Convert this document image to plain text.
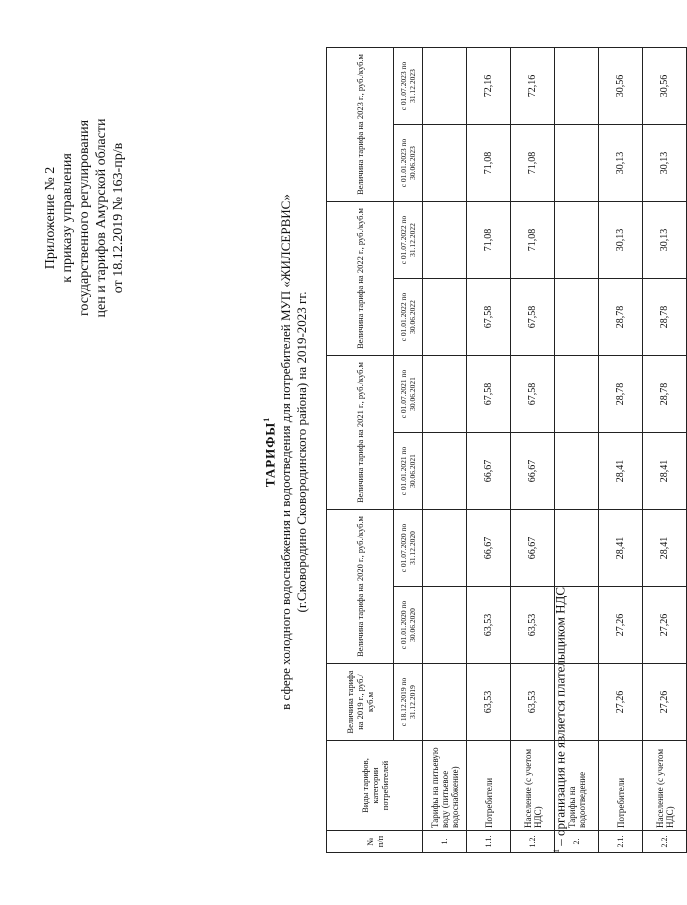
Приложение № 2 к приказу управления государственного регулирования цен и тарифов Амурской области от 18.12.2019 № 163-пр/в
ТАРИФЫ$^1$ в сфере холодного водоснабжения и водоотведения для потребителей МУП «ЖИЛСЕРВИС» (г.Сковородино Сковородинского района) на 2019-2023 гг.
№ п/п	Виды тарифов, категории потребителей	Величина тарифа на 2019 г., руб./куб.м	Величина тарифа на 2020 г., руб./куб.м		Величина тарифа на 2021 г., руб./куб.м		Величина тарифа на 2022 г., руб./куб.м		Величина тарифа на 2023 г., руб./куб.м	
		с 18.12.2019 по 31.12.2019	с 01.01.2020 по 30.06.2020	с 01.07.2020 по 31.12.2020	с 01.01.2021 по 30.06.2021	с 01.07.2021 по 30.06.2021	с 01.01.2022 по 30.06.2022	с 01.07.2022 по 31.12.2022	с 01.01.2023 по 30.06.2023	с 01.07.2023 по 31.12.2023
1.	Тарифы на питьевую воду (питьевое водоснабжение)									
1.1.	Потребители	63,53	63,53	66,67	66,67	67,58	67,58	71,08	71,08	72,16
1.2.	Население (с учетом НДС)	63,53	63,53	66,67	66,67	67,58	67,58	71,08	71,08	72,16
2.	Тарифы на водоотведение									
2.1.	Потребители	27,26	27,26	28,41	28,41	28,78	28,78	30,13	30,13	30,56
2.2.	Население (с учетом НДС)	27,26	27,26	28,41	28,41	28,78	28,78	30,13	30,13	30,56
$^1$ – организация не является плательщиком НДС
